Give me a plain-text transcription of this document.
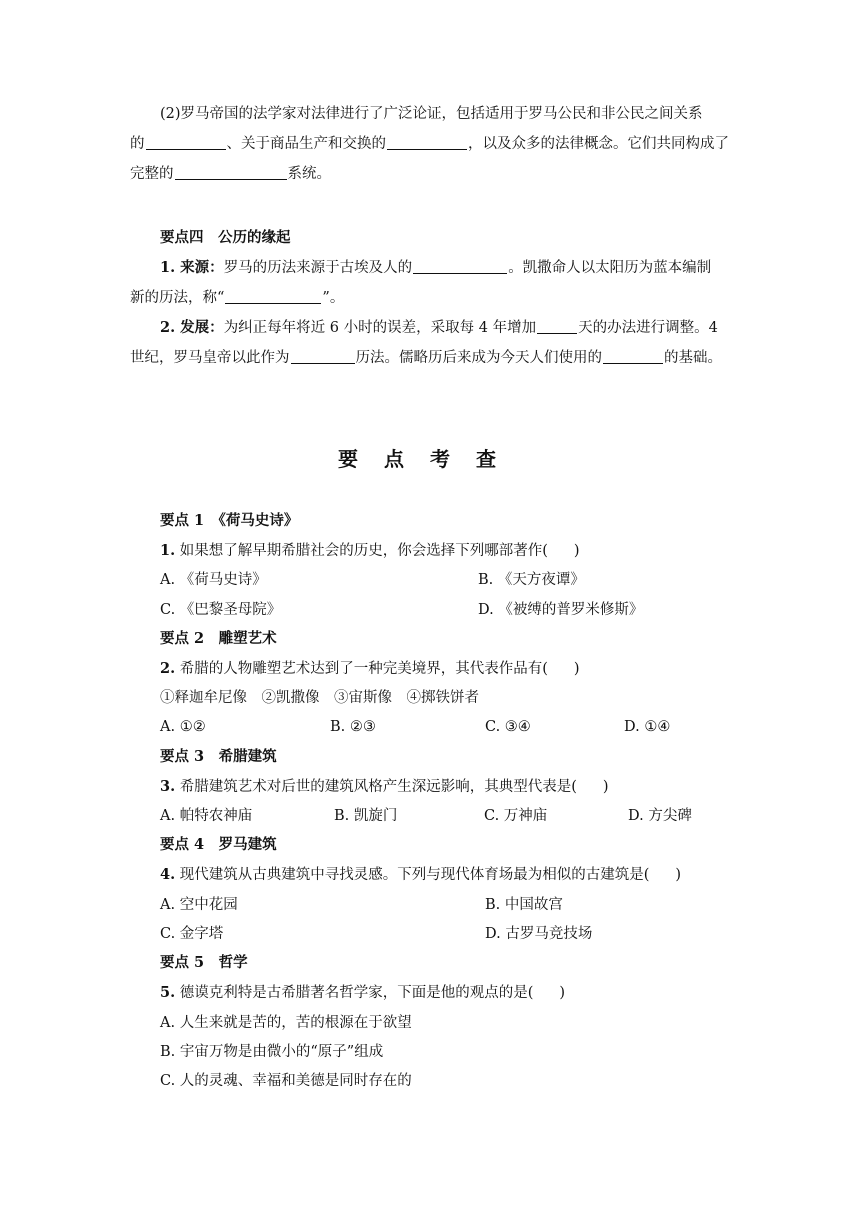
(2)罗马帝国的法学家对法律进行了广泛论证，包括适用于罗马公民和非公民之间关系
的	、关于商品生产和交换的	，以及众多的法律概念。它们共同构成了
完整的	系统。
要点四　公历的缘起
1. 来源：罗马的历法来源于古埃及人的	。凯撒命人以太阳历为蓝本编制
新的历法，称“	”。
2. 发展：为纠正每年将近 6 小时的误差，采取每 4 年增加	天的办法进行调整。4
世纪，罗马皇帝以此作为	历法。儒略历后来成为今天人们使用的	的基础。
要点考查
要点 1　《荷马史诗》
1. 如果想了解早期希腊社会的历史，你会选择下列哪部著作( )
A. 《荷马史诗》	B. 《天方夜谭》
C. 《巴黎圣母院》	D. 《被缚的普罗米修斯》
要点 2　雕塑艺术
2. 希腊的人物雕塑艺术达到了一种完美境界，其代表作品有( )
①释迦牟尼像　②凯撒像　③宙斯像　④掷铁饼者
A. ①②	B. ②③	C. ③④	D. ①④
要点 3　希腊建筑
3. 希腊建筑艺术对后世的建筑风格产生深远影响，其典型代表是( )
A. 帕特农神庙	B. 凯旋门	C. 万神庙	D. 方尖碑
要点 4　罗马建筑
4. 现代建筑从古典建筑中寻找灵感。下列与现代体育场最为相似的古建筑是( )
A. 空中花园	B. 中国故宫
C. 金字塔	D. 古罗马竞技场
要点 5　哲学
5. 德谟克利特是古希腊著名哲学家，下面是他的观点的是( )
A. 人生来就是苦的，苦的根源在于欲望
B. 宇宙万物是由微小的“原子”组成
C. 人的灵魂、幸福和美德是同时存在的
